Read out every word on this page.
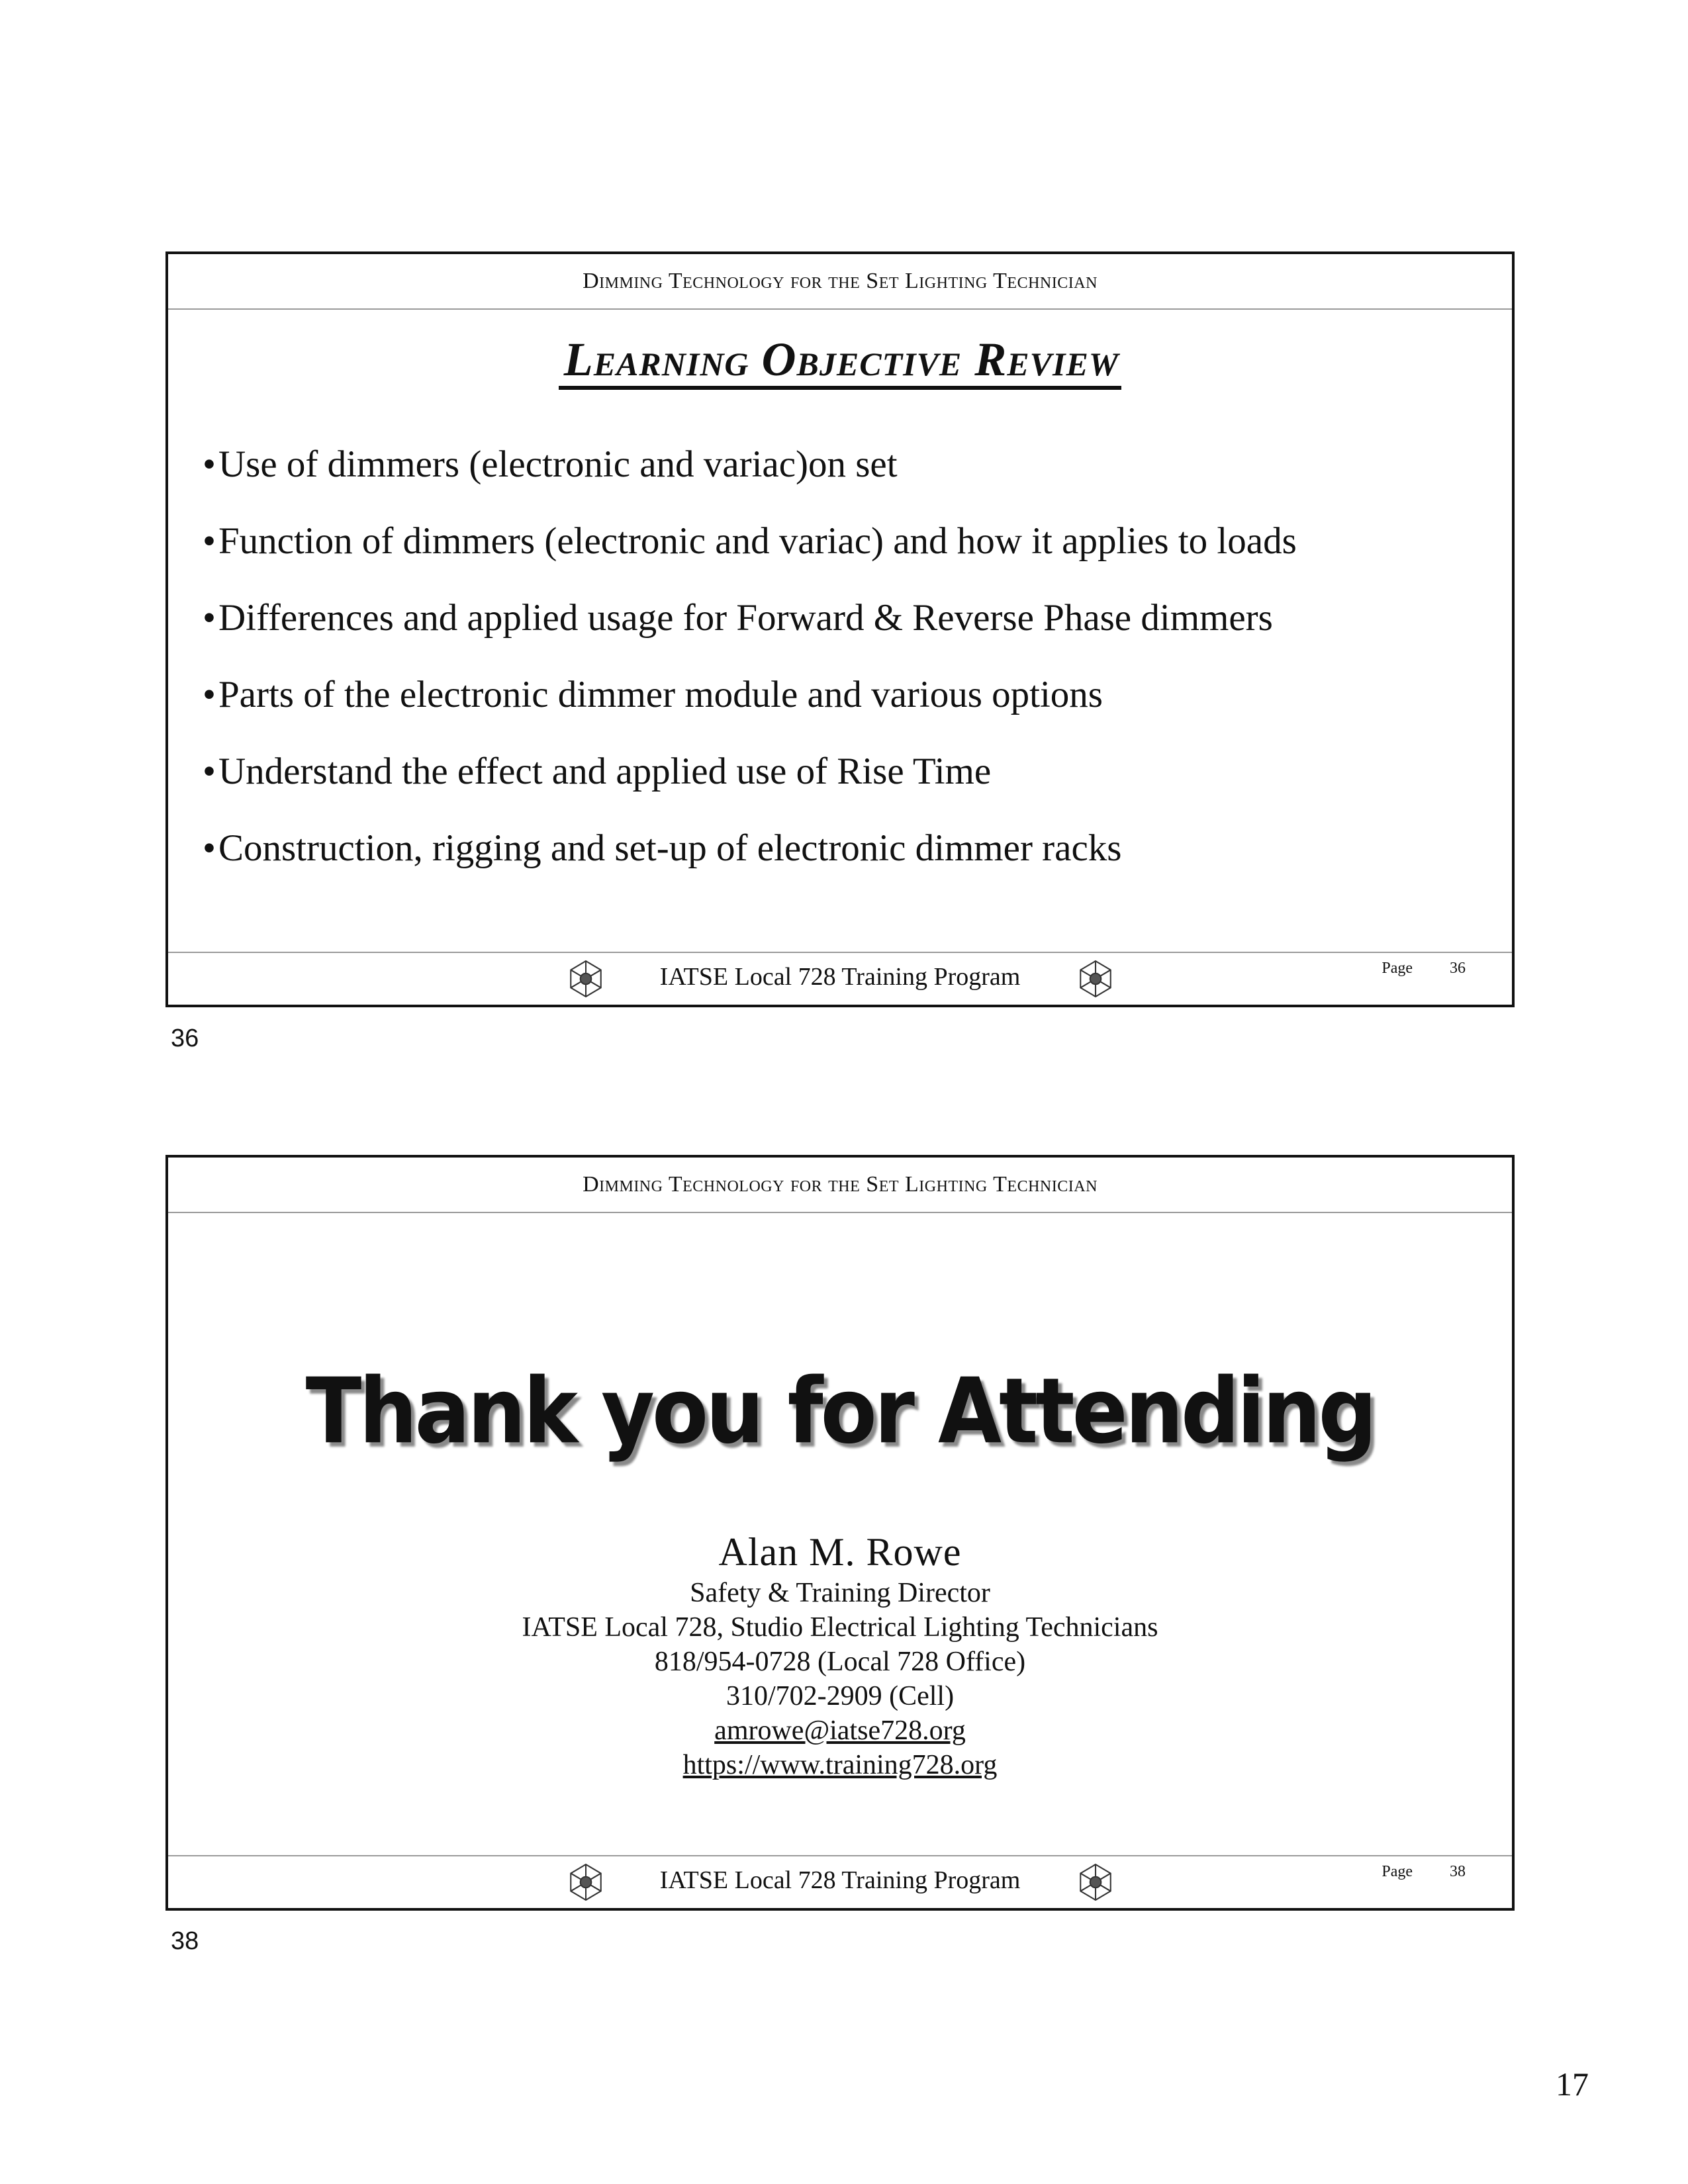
Dimming Technology for the Set Lighting Technician
Learning Objective Review
• Use of dimmers (electronic and variac)on set
• Function of dimmers (electronic and variac) and how it applies to loads
• Differences and applied usage for Forward & Reverse Phase dimmers
• Parts of the electronic dimmer module and various options
• Understand the effect and applied use of Rise Time
• Construction, rigging and set-up of electronic dimmer racks
IATSE Local 728 Training Program	Page 36
36
Dimming Technology for the Set Lighting Technician
Thank you for Attending
Alan M. Rowe
Safety & Training Director
IATSE Local 728, Studio Electrical Lighting Technicians
818/954-0728 (Local 728 Office)
310/702-2909 (Cell)
amrowe@iatse728.org
https://www.training728.org
IATSE Local 728 Training Program	Page 38
38
17
